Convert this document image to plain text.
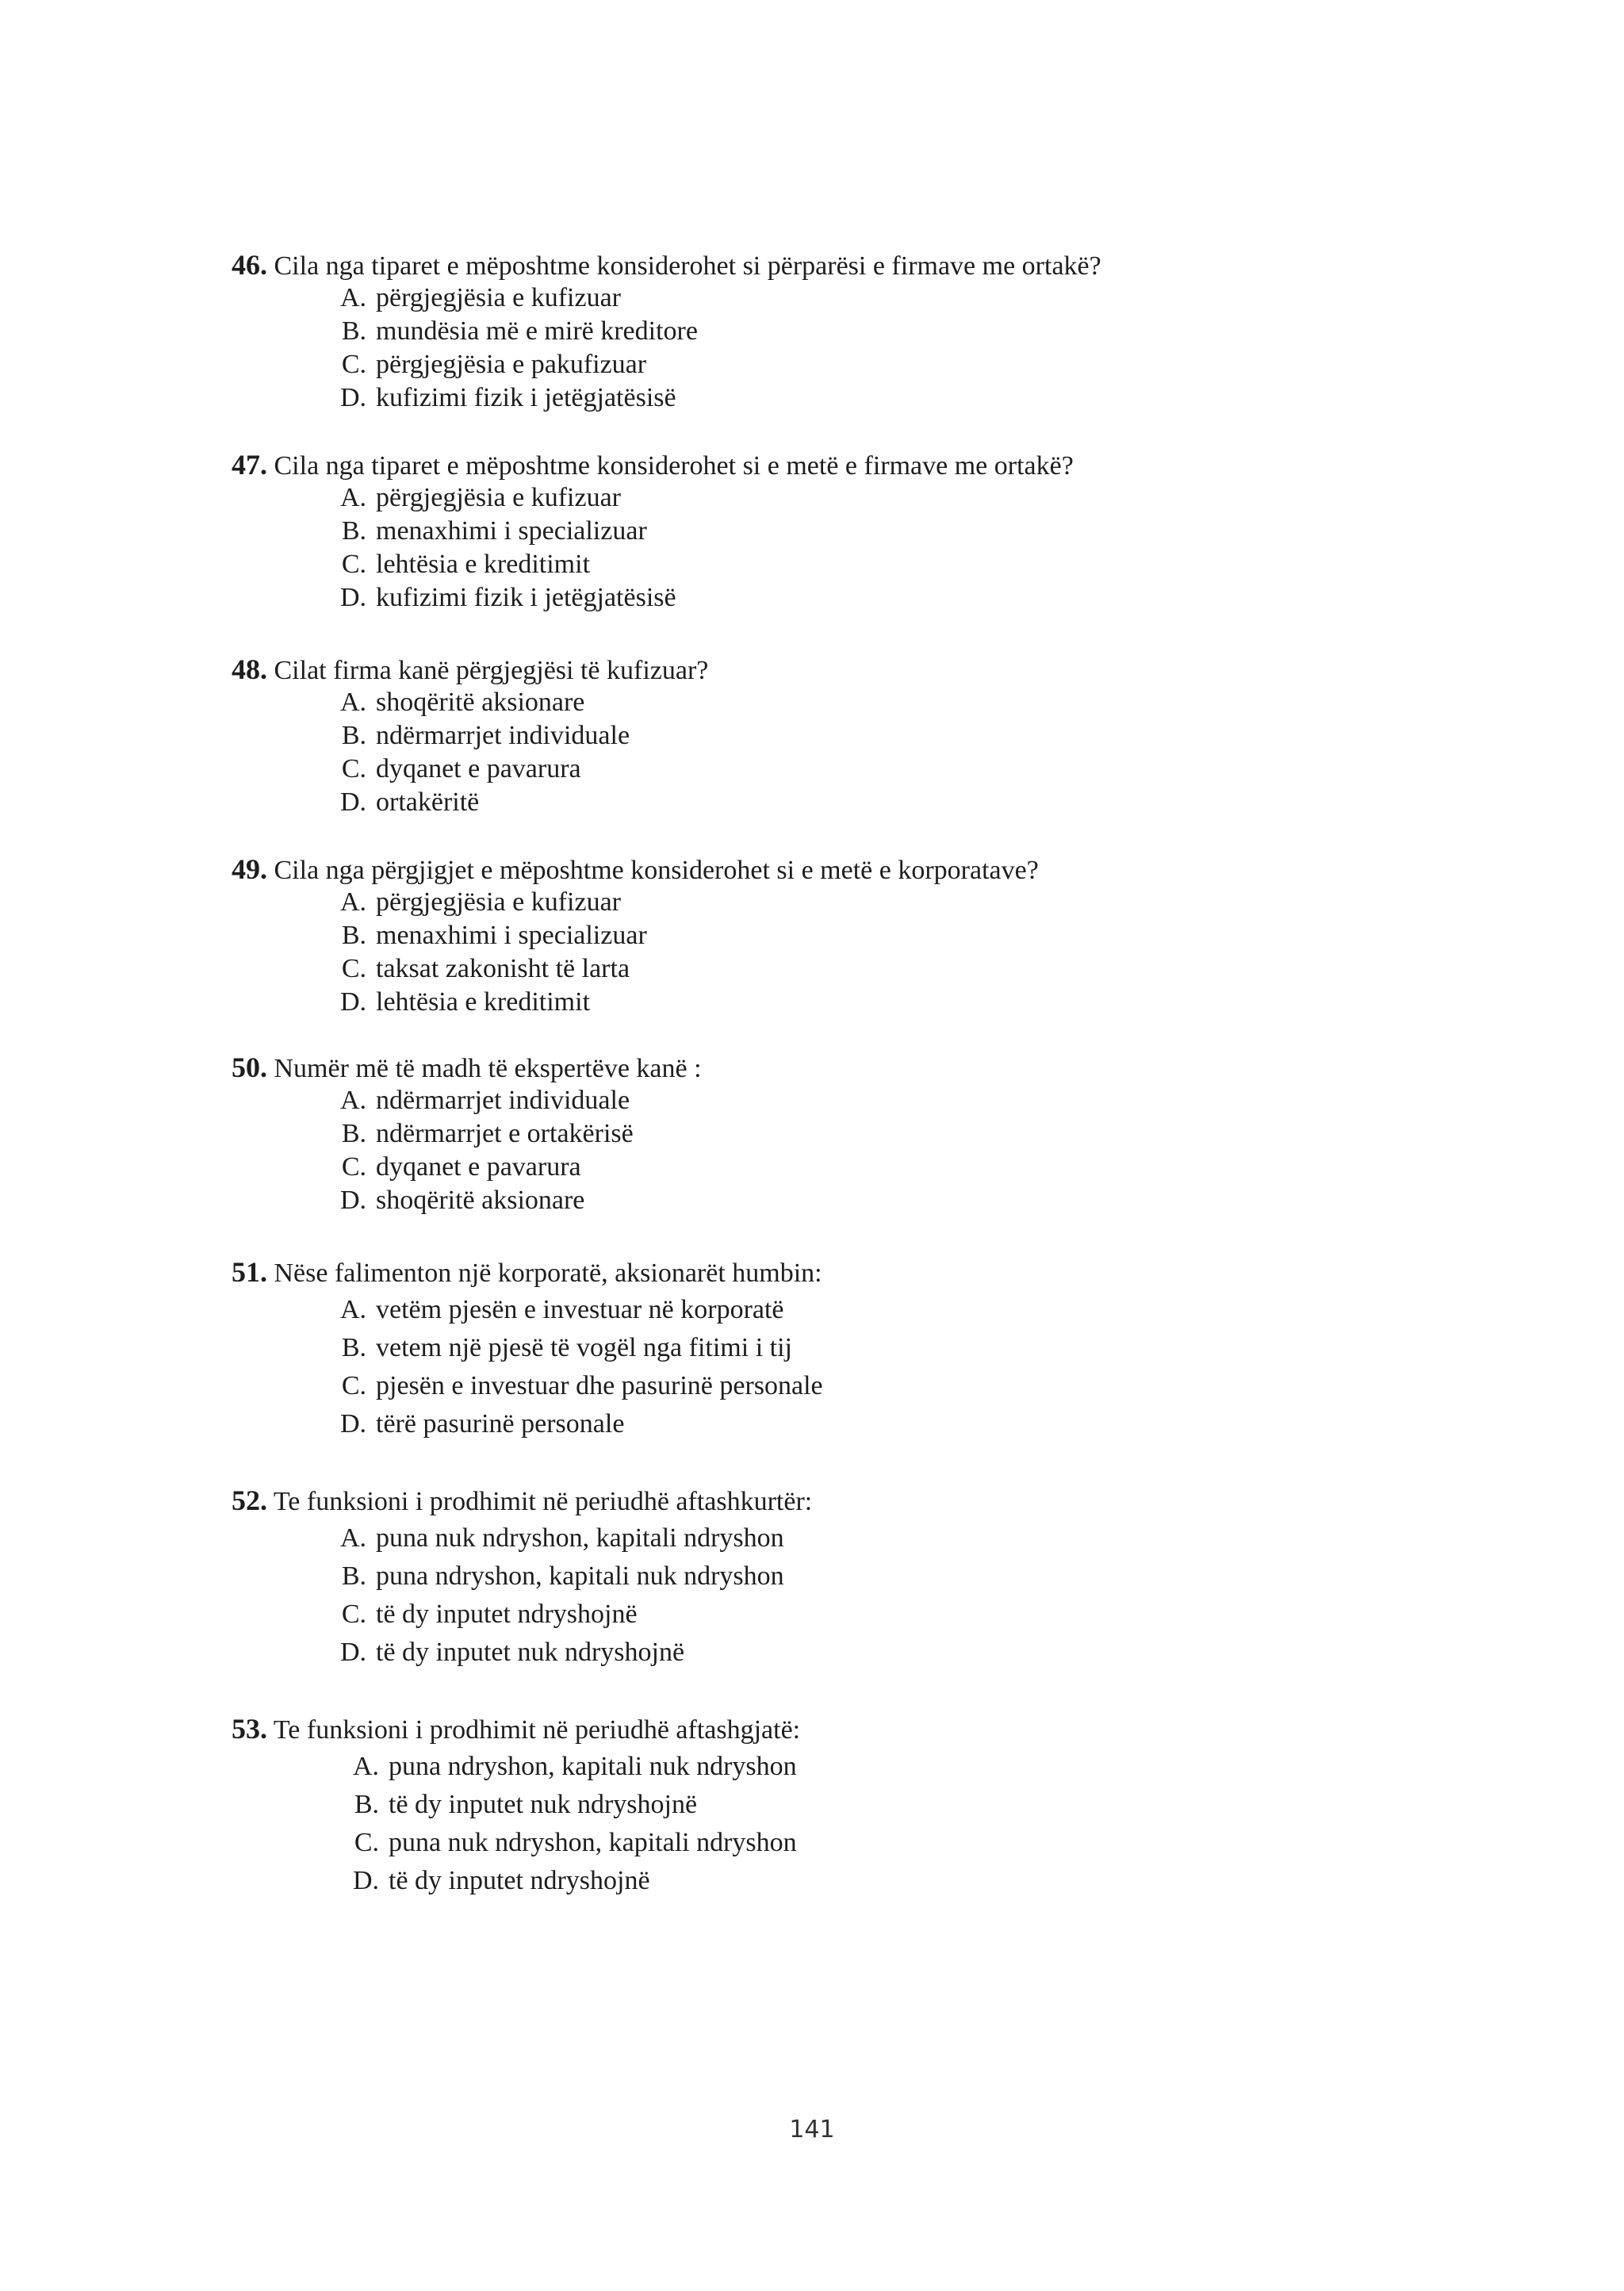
46. Cila nga tiparet e mëposhtme konsiderohet si përparësi e firmave me ortakë?
A. përgjegjësia e kufizuar
B. mundësia më e mirë kreditore
C. përgjegjësia e pakufizuar
D. kufizimi fizik i jetëgjatësisë
47. Cila nga tiparet e mëposhtme konsiderohet si e metë e firmave me ortakë?
A. përgjegjësia e kufizuar
B. menaxhimi i specializuar
C. lehtësia e kreditimit
D. kufizimi fizik i jetëgjatësisë
48. Cilat firma kanë përgjegjësi të kufizuar?
A. shoqëritë aksionare
B. ndërmarrjet individuale
C. dyqanet e pavarura
D. ortakëritë
49. Cila nga përgjigjet e mëposhtme konsiderohet si e metë e korporatave?
A. përgjegjësia e kufizuar
B. menaxhimi i specializuar
C. taksat zakonisht të larta
D. lehtësia e kreditimit
50. Numër më të madh të ekspertëve kanë :
A. ndërmarrjet individuale
B. ndërmarrjet e ortakërisë
C. dyqanet e pavarura
D. shoqëritë aksionare
51. Nëse falimenton një korporatë, aksionarët humbin:
A. vetëm pjesën e investuar në korporatë
B. vetem një pjesë të vogël nga fitimi i tij
C. pjesën e investuar dhe pasurinë personale
D. tërë pasurinë personale
52. Te funksioni i prodhimit në periudhë aftashkurtër:
A. puna nuk ndryshon, kapitali ndryshon
B. puna ndryshon, kapitali nuk ndryshon
C. të dy inputet ndryshojnë
D. të dy inputet nuk ndryshojnë
53. Te funksioni i prodhimit në periudhë aftashgjatë:
A. puna ndryshon, kapitali nuk ndryshon
B. të dy inputet nuk ndryshojnë
C. puna nuk ndryshon, kapitali ndryshon
D. të dy inputet ndryshojnë
141
